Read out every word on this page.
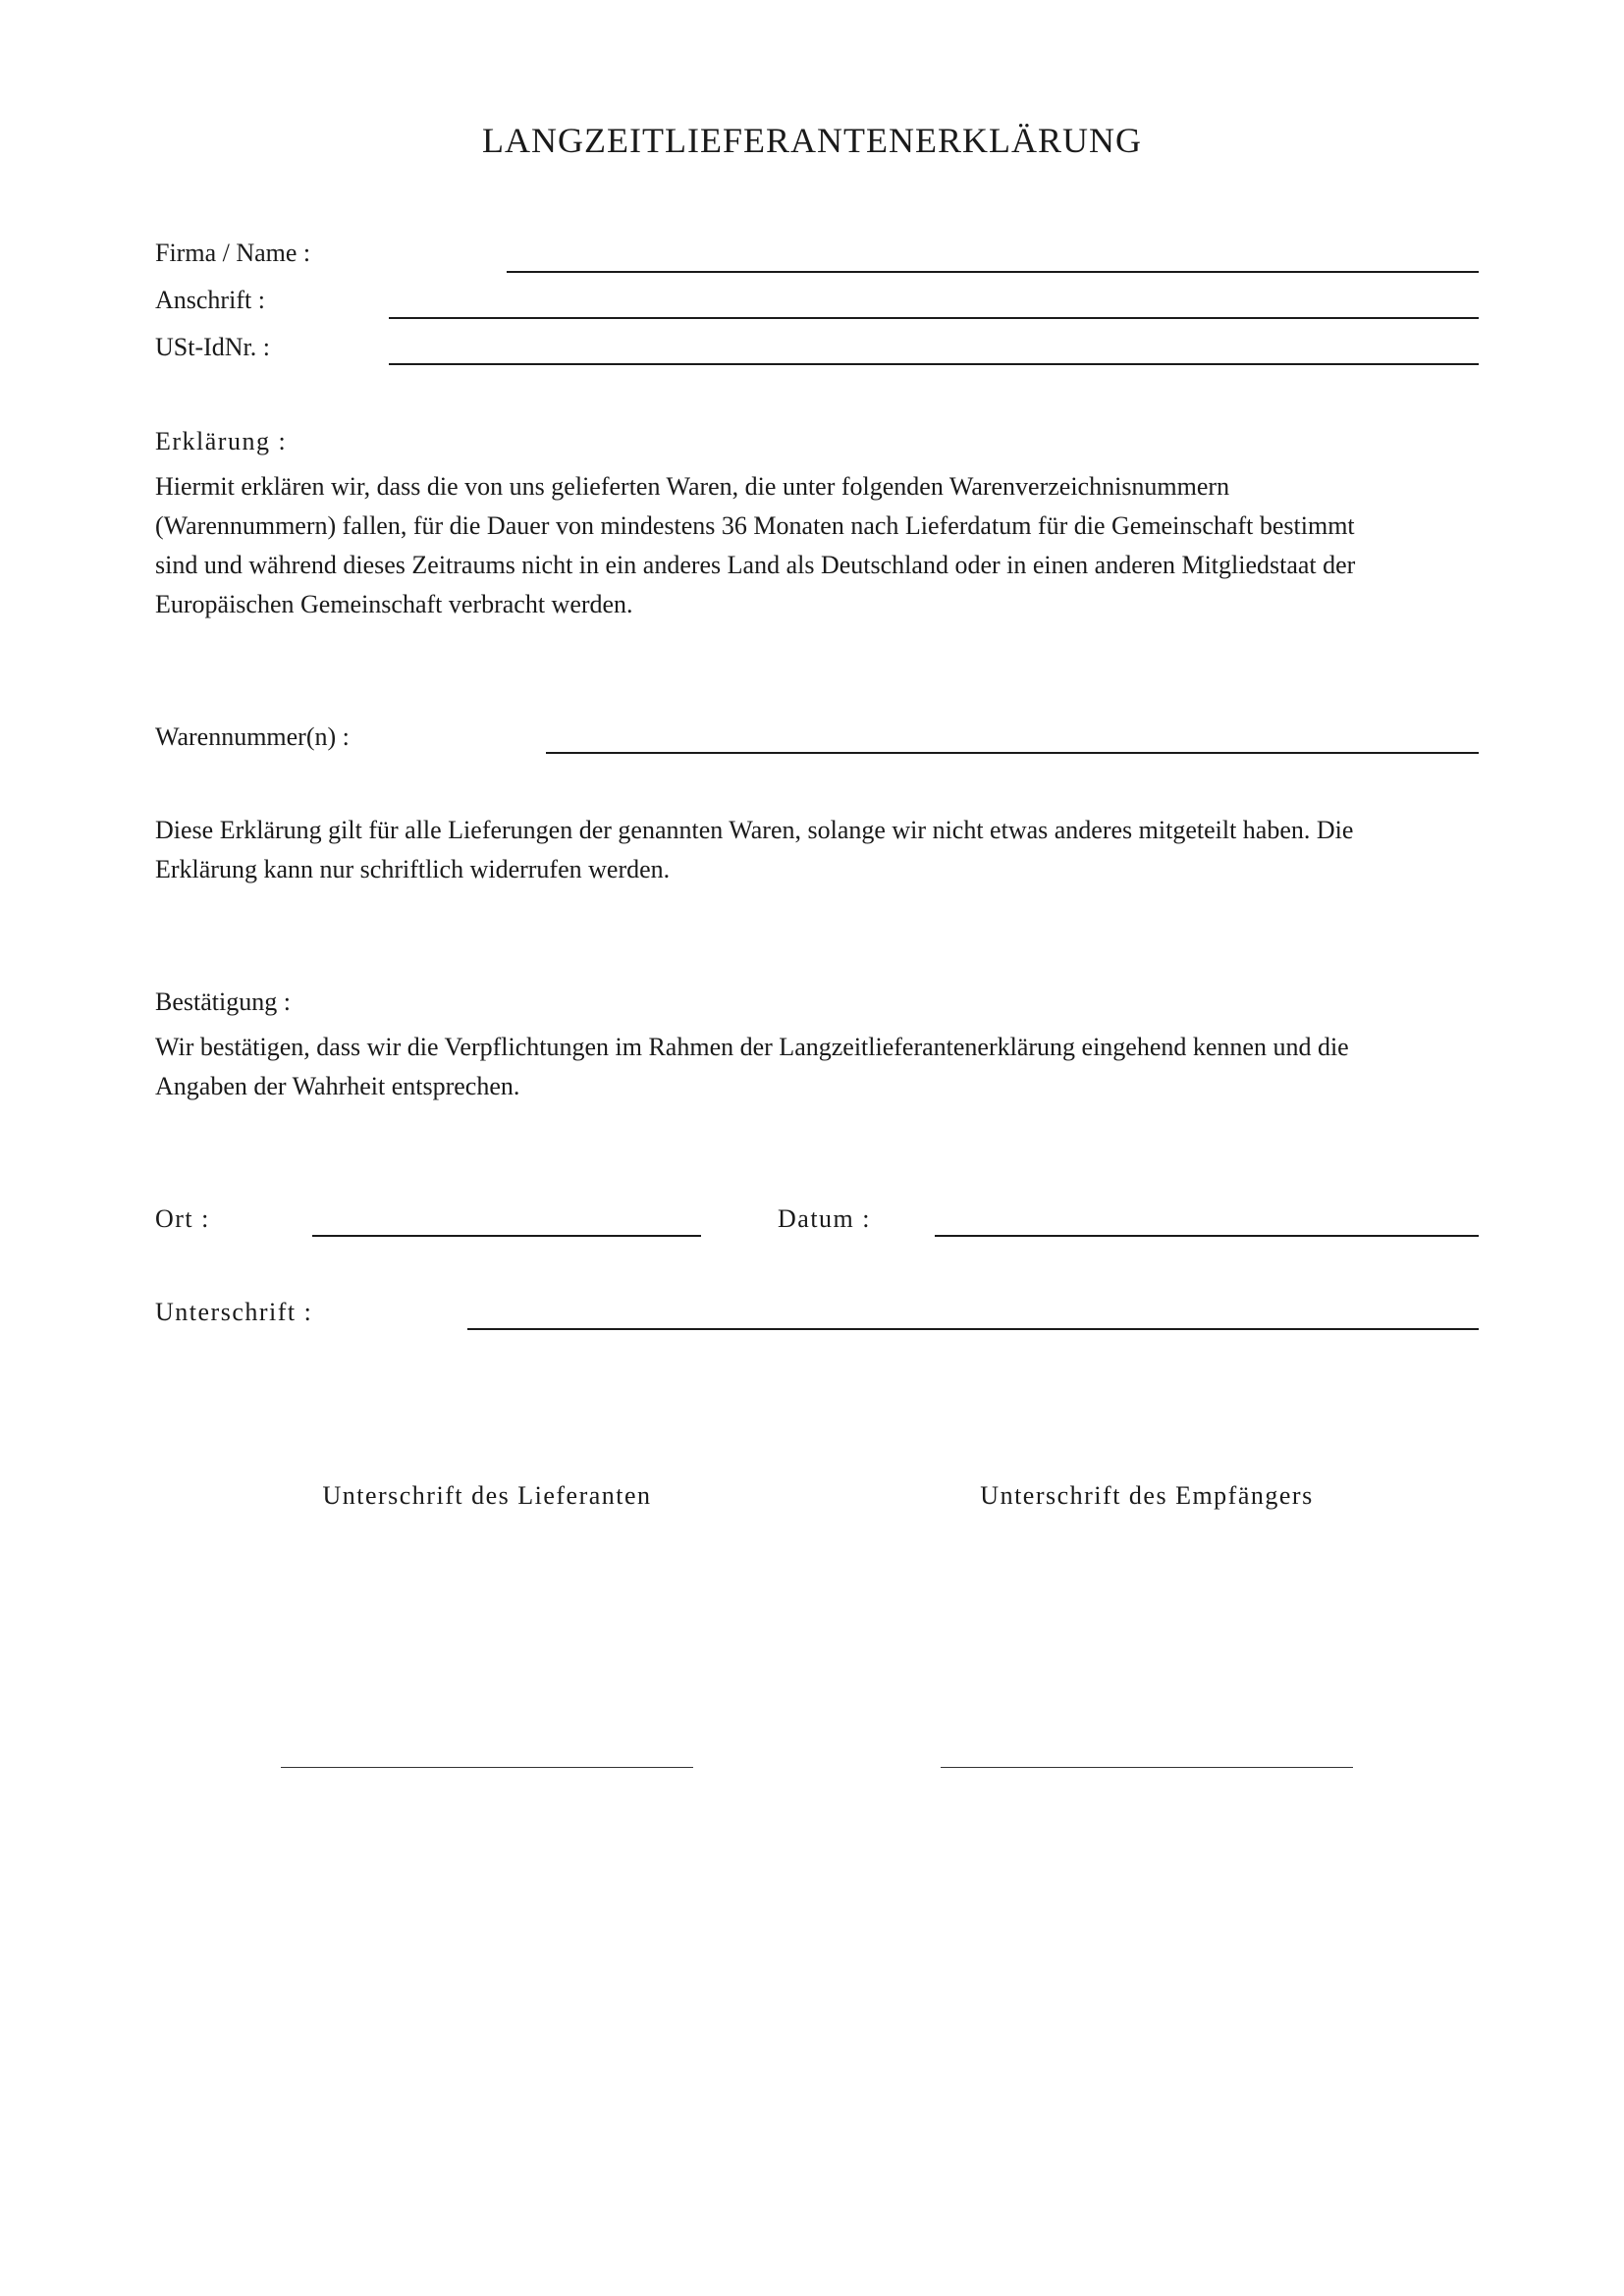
LANGZEITLIEFERANTENERKLÄRUNG
Firma / Name :
Anschrift :
USt-IdNr. :
Erklärung :
Hiermit erklären wir, dass die von uns gelieferten Waren, die unter folgenden Warenverzeichnisnummern
(Warennummern) fallen, für die Dauer von mindestens 36 Monaten nach Lieferdatum für die Gemeinschaft bestimmt
sind und während dieses Zeitraums nicht in ein anderes Land als Deutschland oder in einen anderen Mitgliedstaat der
Europäischen Gemeinschaft verbracht werden.
Warennummer(n) :
Diese Erklärung gilt für alle Lieferungen der genannten Waren, solange wir nicht etwas anderes mitgeteilt haben. Die
Erklärung kann nur schriftlich widerrufen werden.
Bestätigung :
Wir bestätigen, dass wir die Verpflichtungen im Rahmen der Langzeitlieferantenerklärung eingehend kennen und die
Angaben der Wahrheit entsprechen.
Ort :	Datum :
Unterschrift :
Unterschrift des Lieferanten	Unterschrift des Empfängers
